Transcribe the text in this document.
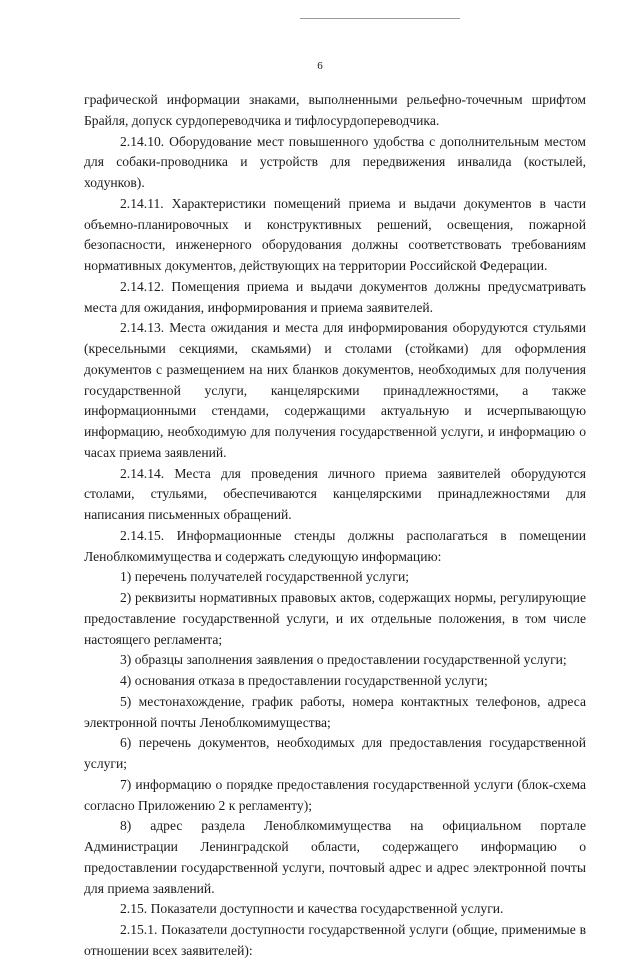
6

графической информации знаками, выполненными рельефно-точечным шрифтом Брайля, допуск сурдопереводчика и тифлосурдопереводчика.

2.14.10. Оборудование мест повышенного удобства с дополнительным местом для собаки-проводника и устройств для передвижения инвалида (костылей, ходунков).

2.14.11. Характеристики помещений приема и выдачи документов в части объемно-планировочных и конструктивных решений, освещения, пожарной безопасности, инженерного оборудования должны соответствовать требованиям нормативных документов, действующих на территории Российской Федерации.

2.14.12. Помещения приема и выдачи документов должны предусматривать места для ожидания, информирования и приема заявителей.

2.14.13. Места ожидания и места для информирования оборудуются стульями (кресельными секциями, скамьями) и столами (стойками) для оформления документов с размещением на них бланков документов, необходимых для получения государственной услуги, канцелярскими принадлежностями, а также информационными стендами, содержащими актуальную и исчерпывающую информацию, необходимую для получения государственной услуги, и информацию о часах приема заявлений.

2.14.14. Места для проведения личного приема заявителей оборудуются столами, стульями, обеспечиваются канцелярскими принадлежностями для написания письменных обращений.

2.14.15. Информационные стенды должны располагаться в помещении Леноблкомимущества и содержать следующую информацию:

1) перечень получателей государственной услуги;

2) реквизиты нормативных правовых актов, содержащих нормы, регулирующие предоставление государственной услуги, и их отдельные положения, в том числе настоящего регламента;

3) образцы заполнения заявления о предоставлении государственной услуги;

4) основания отказа в предоставлении государственной услуги;

5) местонахождение, график работы, номера контактных телефонов, адреса электронной почты Леноблкомимущества;

6) перечень документов, необходимых для предоставления государственной услуги;

7) информацию о порядке предоставления государственной услуги (блок-схема согласно Приложению 2 к регламенту);

8) адрес раздела Леноблкомимущества на официальном портале Администрации Ленинградской области, содержащего информацию о предоставлении государственной услуги, почтовый адрес и адрес электронной почты для приема заявлений.

2.15. Показатели доступности и качества государственной услуги.

2.15.1. Показатели доступности государственной услуги (общие, применимые в отношении всех заявителей):
